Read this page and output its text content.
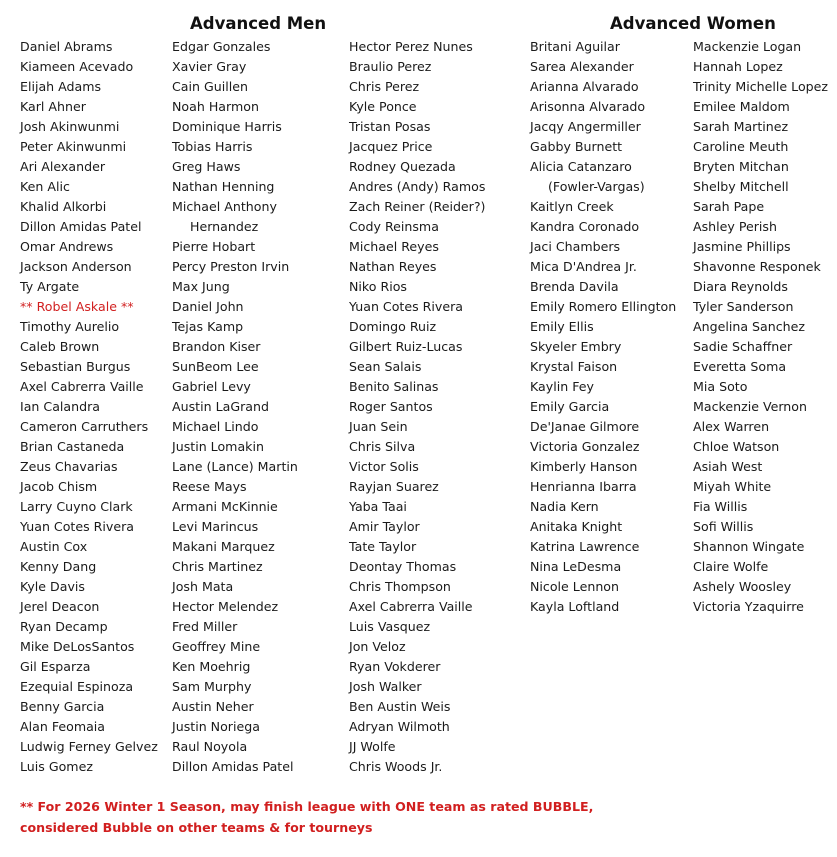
Advanced Men	Advanced Women
Daniel Abrams
Kiameen Acevado
Elijah Adams
Karl Ahner
Josh Akinwunmi
Peter Akinwunmi
Ari Alexander
Ken Alic
Khalid Alkorbi
Dillon Amidas Patel
Omar Andrews
Jackson Anderson
Ty Argate
** Robel Askale **
Timothy Aurelio
Caleb Brown
Sebastian Burgus
Axel Cabrerra Vaille
Ian Calandra
Cameron Carruthers
Brian Castaneda
Zeus Chavarias
Jacob Chism
Larry Cuyno Clark
Yuan Cotes Rivera
Austin Cox
Kenny Dang
Kyle Davis
Jerel Deacon
Ryan Decamp
Mike DeLosSantos
Gil Esparza
Ezequial Espinoza
Benny Garcia
Alan Feomaia
Ludwig Ferney Gelvez
Luis Gomez
Edgar Gonzales
Xavier Gray
Cain Guillen
Noah Harmon
Dominique Harris
Tobias Harris
Greg Haws
Nathan Henning
Michael Anthony
Hernandez
Pierre Hobart
Percy Preston Irvin
Max Jung
Daniel John
Tejas Kamp
Brandon Kiser
SunBeom Lee
Gabriel Levy
Austin LaGrand
Michael Lindo
Justin Lomakin
Lane (Lance) Martin
Reese Mays
Armani McKinnie
Levi Marincus
Makani Marquez
Chris Martinez
Josh Mata
Hector Melendez
Fred Miller
Geoffrey Mine
Ken Moehrig
Sam Murphy
Austin Neher
Justin Noriega
Raul Noyola
Dillon Amidas Patel
Hector Perez Nunes
Braulio Perez
Chris Perez
Kyle Ponce
Tristan Posas
Jacquez Price
Rodney Quezada
Andres (Andy) Ramos
Zach Reiner (Reider?)
Cody Reinsma
Michael Reyes
Nathan Reyes
Niko Rios
Yuan Cotes Rivera
Domingo Ruiz
Gilbert Ruiz-Lucas
Sean Salais
Benito Salinas
Roger Santos
Juan Sein
Chris Silva
Victor Solis
Rayjan Suarez
Yaba Taai
Amir Taylor
Tate Taylor
Deontay Thomas
Chris Thompson
Axel Cabrerra Vaille
Luis Vasquez
Jon Veloz
Ryan Vokderer
Josh Walker
Ben Austin Weis
Adryan Wilmoth
JJ Wolfe
Chris Woods Jr.
Britani Aguilar
Sarea Alexander
Arianna Alvarado
Arisonna Alvarado
Jacqy Angermiller
Gabby Burnett
Alicia Catanzaro
(Fowler-Vargas)
Kaitlyn Creek
Kandra Coronado
Jaci Chambers
Mica D'Andrea Jr.
Brenda Davila
Emily Romero Ellington
Emily Ellis
Skyeler Embry
Krystal Faison
Kaylin Fey
Emily Garcia
De'Janae Gilmore
Victoria Gonzalez
Kimberly Hanson
Henrianna Ibarra
Nadia Kern
Anitaka Knight
Katrina Lawrence
Nina LeDesma
Nicole Lennon
Kayla Loftland
Mackenzie Logan
Hannah Lopez
Trinity Michelle Lopez
Emilee Maldom
Sarah Martinez
Caroline Meuth
Bryten Mitchan
Shelby Mitchell
Sarah Pape
Ashley Perish
Jasmine Phillips
Shavonne Responek
Diara Reynolds
Tyler Sanderson
Angelina Sanchez
Sadie Schaffner
Everetta Soma
Mia Soto
Mackenzie Vernon
Alex Warren
Chloe Watson
Asiah West
Miyah White
Fia Willis
Sofi Willis
Shannon Wingate
Claire Wolfe
Ashely Woosley
Victoria Yzaquirre
** For 2026 Winter 1 Season, may finish league with ONE team as rated BUBBLE,
considered Bubble on other teams & for tourneys
